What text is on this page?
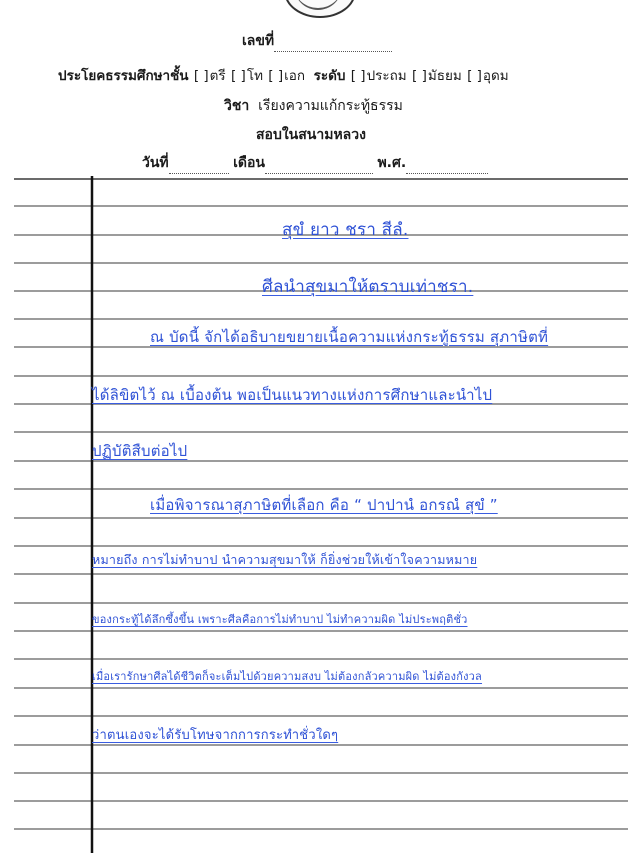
เลขที่
ประโยคธรรมศึกษาชั้น [ ]ตรี [ ]โท [ ]เอก ระดับ [ ]ประถม [ ]มัธยม [ ]อุดม
วิชา เรียงความแก้กระทู้ธรรม
สอบในสนามหลวง
วันที่	เดือน	พ.ศ.
สุขํ ยาว ชรา สีลํ.
ศีลนำสุขมาให้ตราบเท่าชรา.
ณ บัดนี้ จักได้อธิบายขยายเนื้อความแห่งกระทู้ธรรม สุภาษิตที่
ได้ลิขิตไว้ ณ เบื้องต้น พอเป็นแนวทางแห่งการศึกษาและนำไป
ปฏิบัติสืบต่อไป
เมื่อพิจารณาสุภาษิตที่เลือก คือ “ ปาปานํ อกรณํ สุขํ ”
หมายถึง การไม่ทำบาป นำความสุขมาให้ ก็ยิ่งช่วยให้เข้าใจความหมาย
ของกระทู้ได้ลึกซึ้งขึ้น เพราะศีลคือการไม่ทำบาป ไม่ทำความผิด ไม่ประพฤติชั่ว
เมื่อเรารักษาศีลได้ชีวิตก็จะเต็มไปด้วยความสงบ ไม่ต้องกลัวความผิด ไม่ต้องกังวล
ว่าตนเองจะได้รับโทษจากการกระทำชั่วใดๆ
